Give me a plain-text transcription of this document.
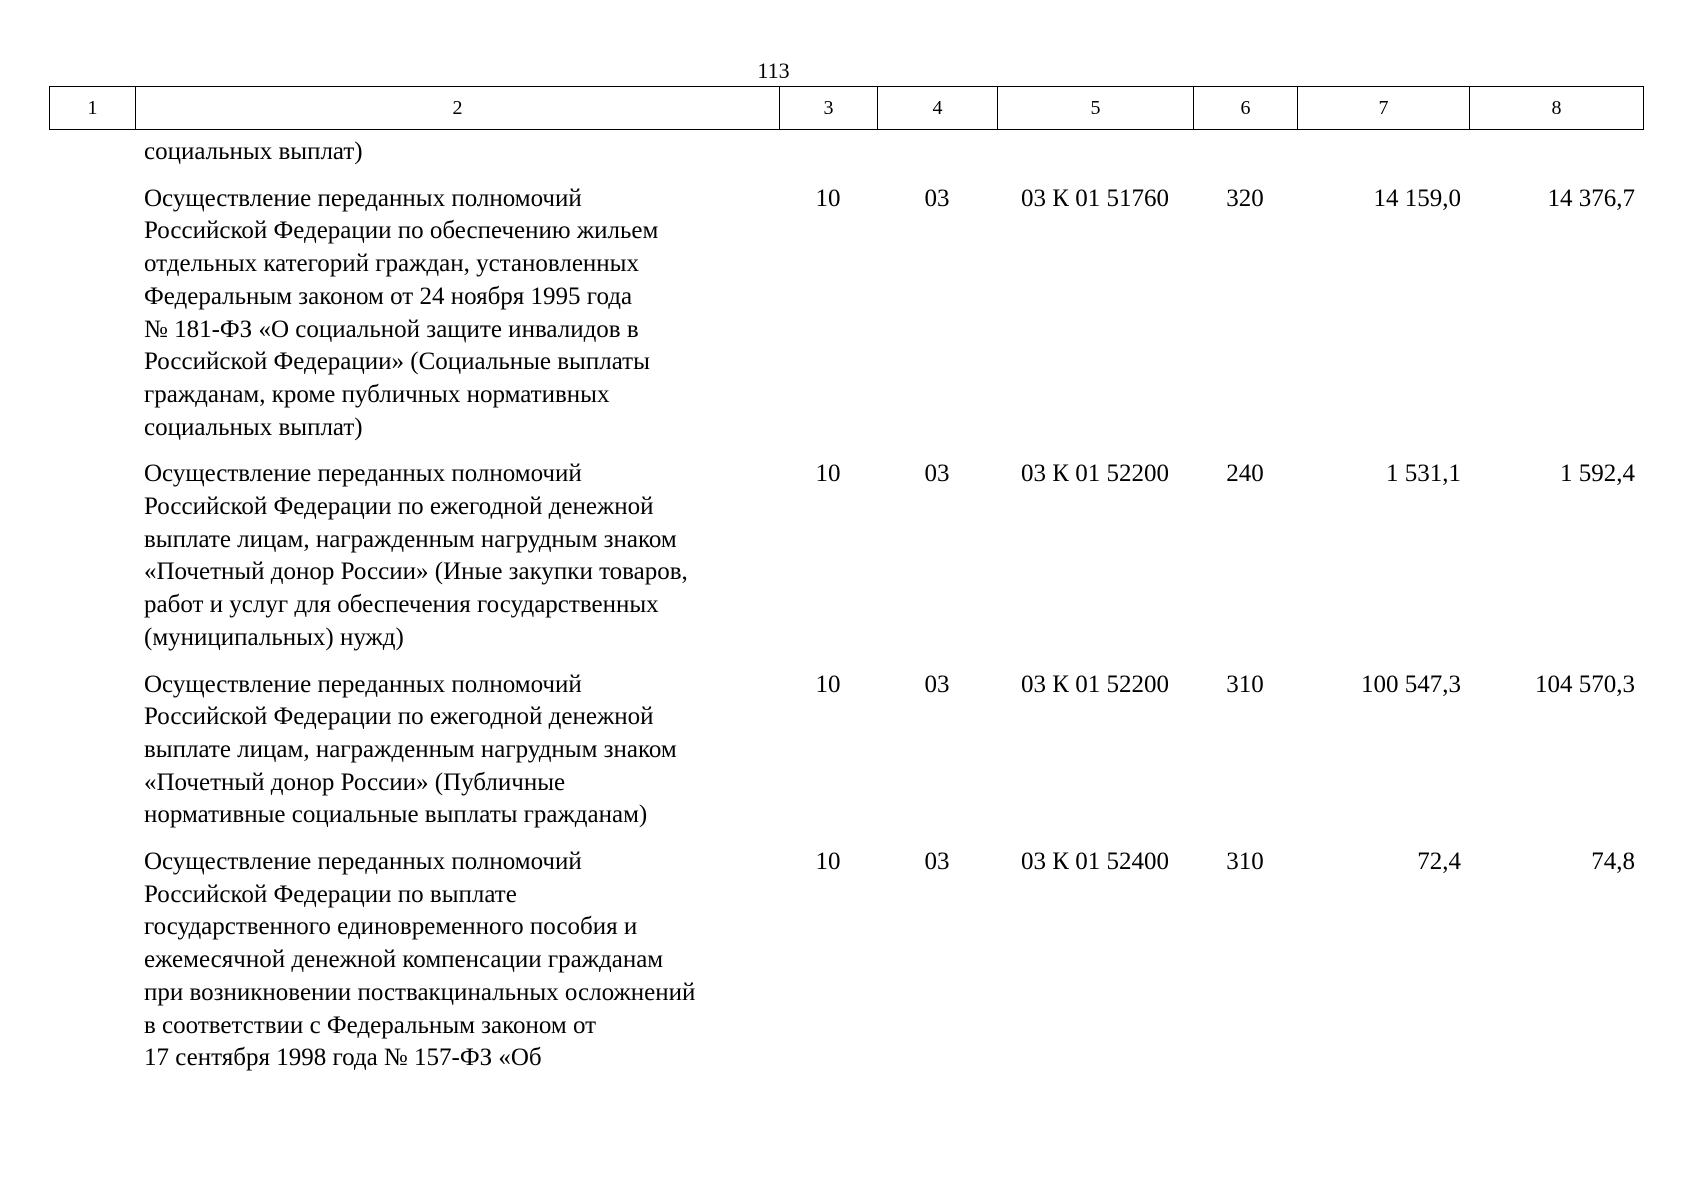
113
1	2	3	4	5	6	7	8
социальных выплат)
Осуществление переданных полномочий
Российской Федерации по обеспечению жильем
отдельных категорий граждан, установленных
Федеральным законом от 24 ноября 1995 года
№ 181-ФЗ «О социальной защите инвалидов в
Российской Федерации» (Социальные выплаты
гражданам, кроме публичных нормативных
социальных выплат)
10	03	03 К 01 51760	320	14 159,0	14 376,7
Осуществление переданных полномочий
Российской Федерации по ежегодной денежной
выплате лицам, награжденным нагрудным знаком
«Почетный донор России» (Иные закупки товаров,
работ и услуг для обеспечения государственных
(муниципальных) нужд)
10	03	03 К 01 52200	240	1 531,1	1 592,4
Осуществление переданных полномочий
Российской Федерации по ежегодной денежной
выплате лицам, награжденным нагрудным знаком
«Почетный донор России» (Публичные
нормативные социальные выплаты гражданам)
10	03	03 К 01 52200	310	100 547,3	104 570,3
Осуществление переданных полномочий
Российской Федерации по выплате
государственного единовременного пособия и
ежемесячной денежной компенсации гражданам
при возникновении поствакцинальных осложнений
в соответствии с Федеральным законом от
17 сентября 1998 года № 157-ФЗ «Об
10	03	03 К 01 52400	310	72,4	74,8
